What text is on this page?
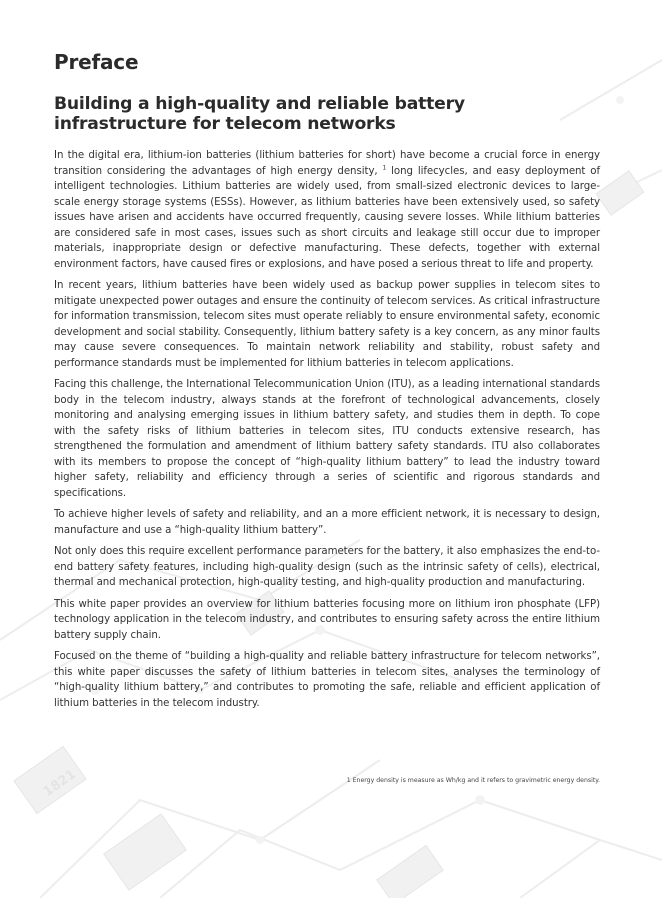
1821
Preface
Building a high-quality and reliable battery infrastructure for telecom networks

In the digital era, lithium-ion batteries (lithium batteries for short) have become a crucial force in energy transition considering the advantages of high energy density, $^1$ long lifecycles, and easy deployment of intelligent technologies. Lithium batteries are widely used, from small-sized electronic devices to large-scale energy storage systems (ESSs). However, as lithium batteries have been extensively used, so safety issues have arisen and accidents have occurred frequently, causing severe losses. While lithium batteries are considered safe in most cases, issues such as short circuits and leakage still occur due to improper materials, inappropriate design or defective manufacturing. These defects, together with external environment factors, have caused fires or explosions, and have posed a serious threat to life and property.

In recent years, lithium batteries have been widely used as backup power supplies in telecom sites to mitigate unexpected power outages and ensure the continuity of telecom services. As critical infrastructure for information transmission, telecom sites must operate reliably to ensure environmental safety, economic development and social stability. Consequently, lithium battery safety is a key concern, as any minor faults may cause severe consequences. To maintain network reliability and stability, robust safety and performance standards must be implemented for lithium batteries in telecom applications.

Facing this challenge, the International Telecommunication Union (ITU), as a leading international standards body in the telecom industry, always stands at the forefront of technological advancements, closely monitoring and analysing emerging issues in lithium battery safety, and studies them in depth. To cope with the safety risks of lithium batteries in telecom sites, ITU conducts extensive research, has strengthened the formulation and amendment of lithium battery safety standards. ITU also collaborates with its members to propose the concept of “high-quality lithium battery” to lead the industry toward higher safety, reliability and efficiency through a series of scientific and rigorous standards and specifications.

To achieve higher levels of safety and reliability, and an a more efficient network, it is necessary to design, manufacture and use a “high-quality lithium battery”.

Not only does this require excellent performance parameters for the battery, it also emphasizes the end-to-end battery safety features, including high-quality design (such as the intrinsic safety of cells), electrical, thermal and mechanical protection, high-quality testing, and high-quality production and manufacturing.

This white paper provides an overview for lithium batteries focusing more on lithium iron phosphate (LFP) technology application in the telecom industry, and contributes to ensuring safety across the entire lithium battery supply chain.

Focused on the theme of “building a high-quality and reliable battery infrastructure for telecom networks”, this white paper discusses the safety of lithium batteries in telecom sites, analyses the terminology of “high-quality lithium battery,” and contributes to promoting the safe, reliable and efficient application of lithium batteries in the telecom industry.

1 Energy density is measure as Wh/kg and it refers to gravimetric energy density.
